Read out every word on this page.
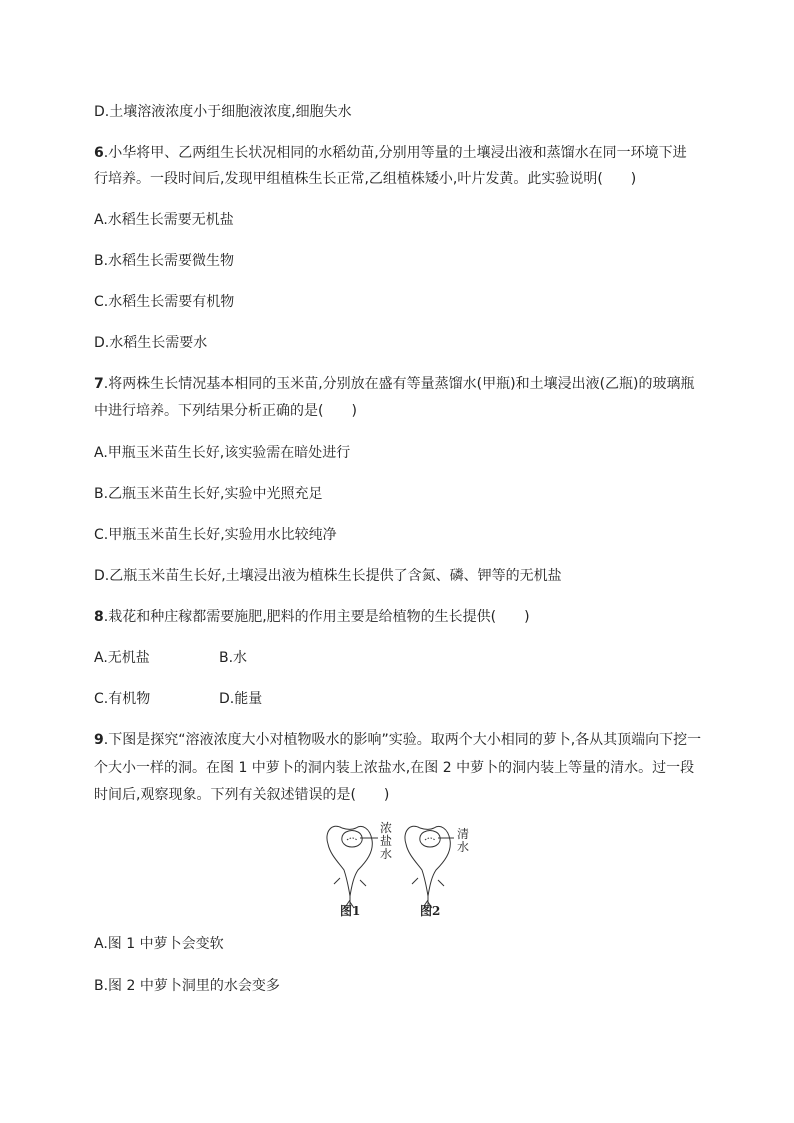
D.土壤溶液浓度小于细胞液浓度,细胞失水
6.小华将甲、乙两组生长状况相同的水稻幼苗,分别用等量的土壤浸出液和蒸馏水在同一环境下进
行培养。一段时间后,发现甲组植株生长正常,乙组植株矮小,叶片发黄。此实验说明(　　)
A.水稻生长需要无机盐
B.水稻生长需要微生物
C.水稻生长需要有机物
D.水稻生长需要水
7.将两株生长情况基本相同的玉米苗,分别放在盛有等量蒸馏水(甲瓶)和土壤浸出液(乙瓶)的玻璃瓶
中进行培养。下列结果分析正确的是(　　)
A.甲瓶玉米苗生长好,该实验需在暗处进行
B.乙瓶玉米苗生长好,实验中光照充足
C.甲瓶玉米苗生长好,实验用水比较纯净
D.乙瓶玉米苗生长好,土壤浸出液为植株生长提供了含氮、磷、钾等的无机盐
8.栽花和种庄稼都需要施肥,肥料的作用主要是给植物的生长提供(　　)
A.无机盐	B.水
C.有机物	D.能量
9.下图是探究“溶液浓度大小对植物吸水的影响”实验。取两个大小相同的萝卜,各从其顶端向下挖一
个大小一样的洞。在图 1 中萝卜的洞内装上浓盐水,在图 2 中萝卜的洞内装上等量的清水。过一段
时间后,观察现象。下列有关叙述错误的是(　　)
浓盐水
清水
图1	图2
A.图 1 中萝卜会变软
B.图 2 中萝卜洞里的水会变多
